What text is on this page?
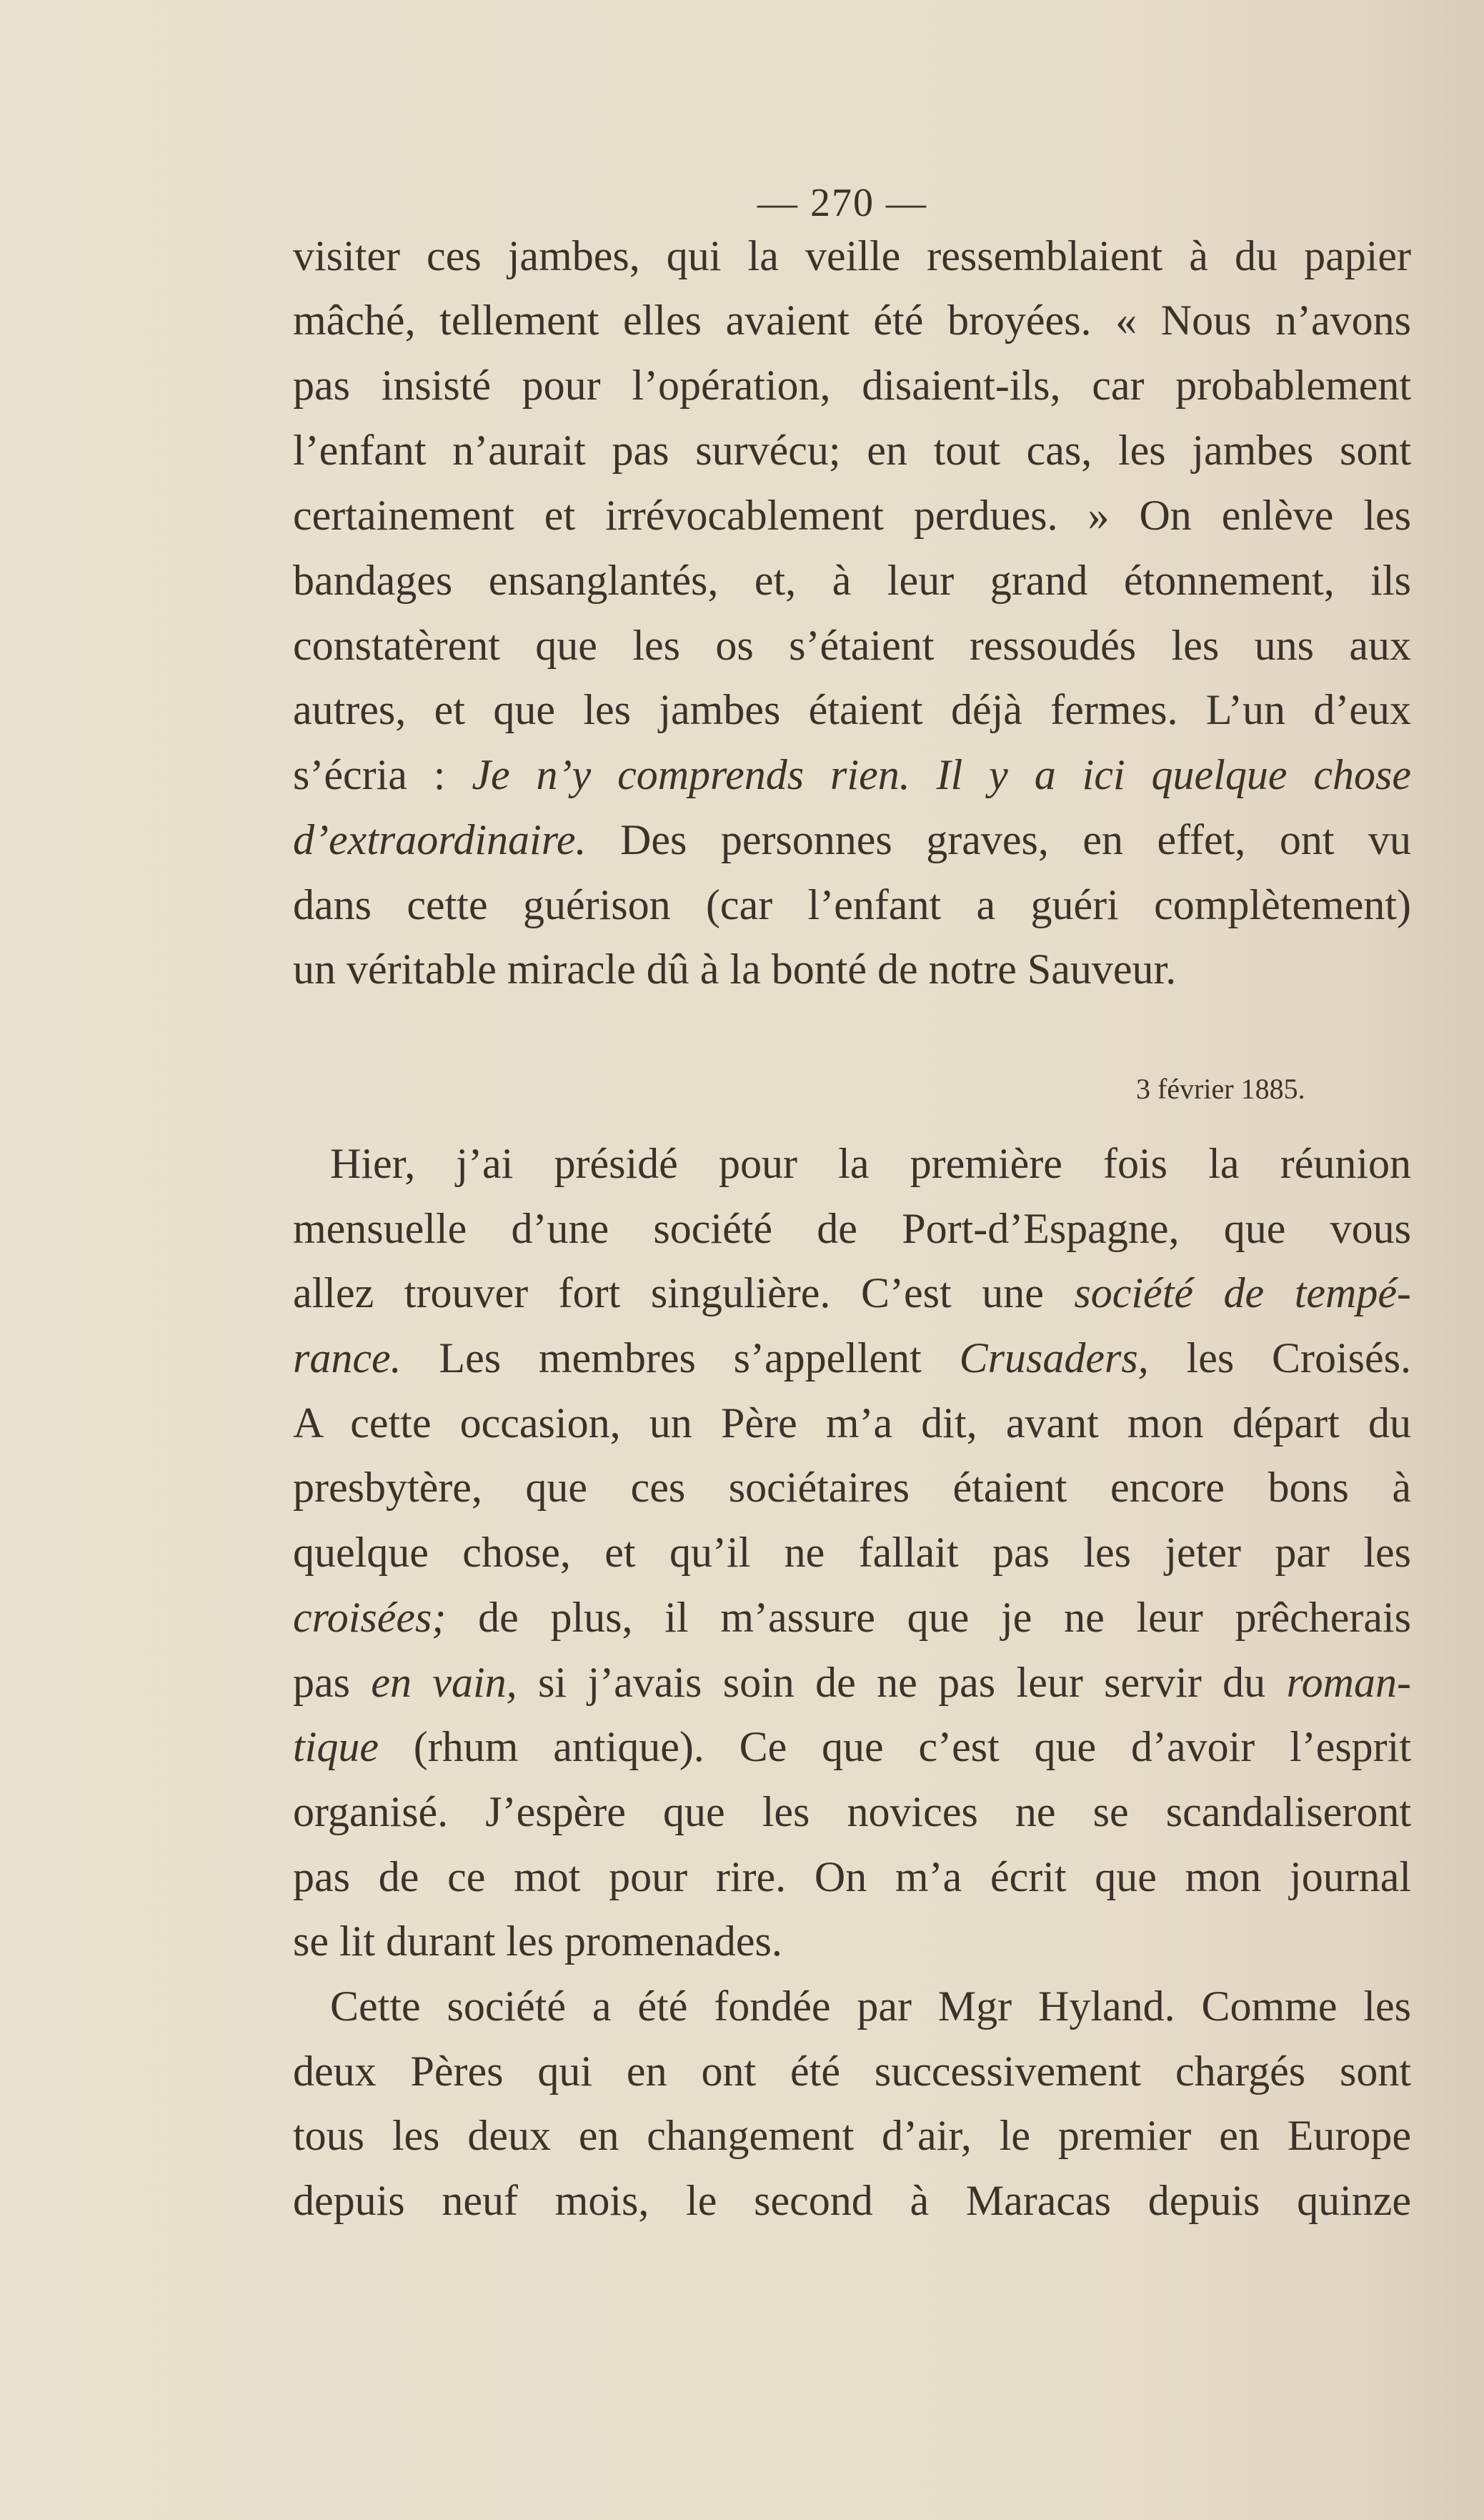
— 270 —
visiter ces jambes, qui la veille ressemblaient à du papier
mâché, tellement elles avaient été broyées. « Nous n’avons
pas insisté pour l’opération, disaient-ils, car probablement
l’enfant n’aurait pas survécu; en tout cas, les jambes sont
certainement et irrévocablement perdues. » On enlève les
bandages ensanglantés, et, à leur grand étonnement, ils
constatèrent que les os s’étaient ressoudés les uns aux
autres, et que les jambes étaient déjà fermes. L’un d’eux
s’écria : Je n’y comprends rien. Il y a ici quelque chose
d’extraordinaire. Des personnes graves, en effet, ont vu
dans cette guérison (car l’enfant a guéri complètement)
un véritable miracle dû à la bonté de notre Sauveur.
Hier, j’ai présidé pour la première fois la réunion
mensuelle d’une société de Port-d’Espagne, que vous
allez trouver fort singulière. C’est une société de tempé-
rance. Les membres s’appellent Crusaders, les Croisés.
A cette occasion, un Père m’a dit, avant mon départ du
presbytère, que ces sociétaires étaient encore bons à
quelque chose, et qu’il ne fallait pas les jeter par les
croisées; de plus, il m’assure que je ne leur prêcherais
pas en vain, si j’avais soin de ne pas leur servir du roman-
tique (rhum antique). Ce que c’est que d’avoir l’esprit
organisé. J’espère que les novices ne se scandaliseront
pas de ce mot pour rire. On m’a écrit que mon journal
se lit durant les promenades.
Cette société a été fondée par Mgr Hyland. Comme les
deux Pères qui en ont été successivement chargés sont
tous les deux en changement d’air, le premier en Europe
depuis neuf mois, le second à Maracas depuis quinze
3 février 1885.
